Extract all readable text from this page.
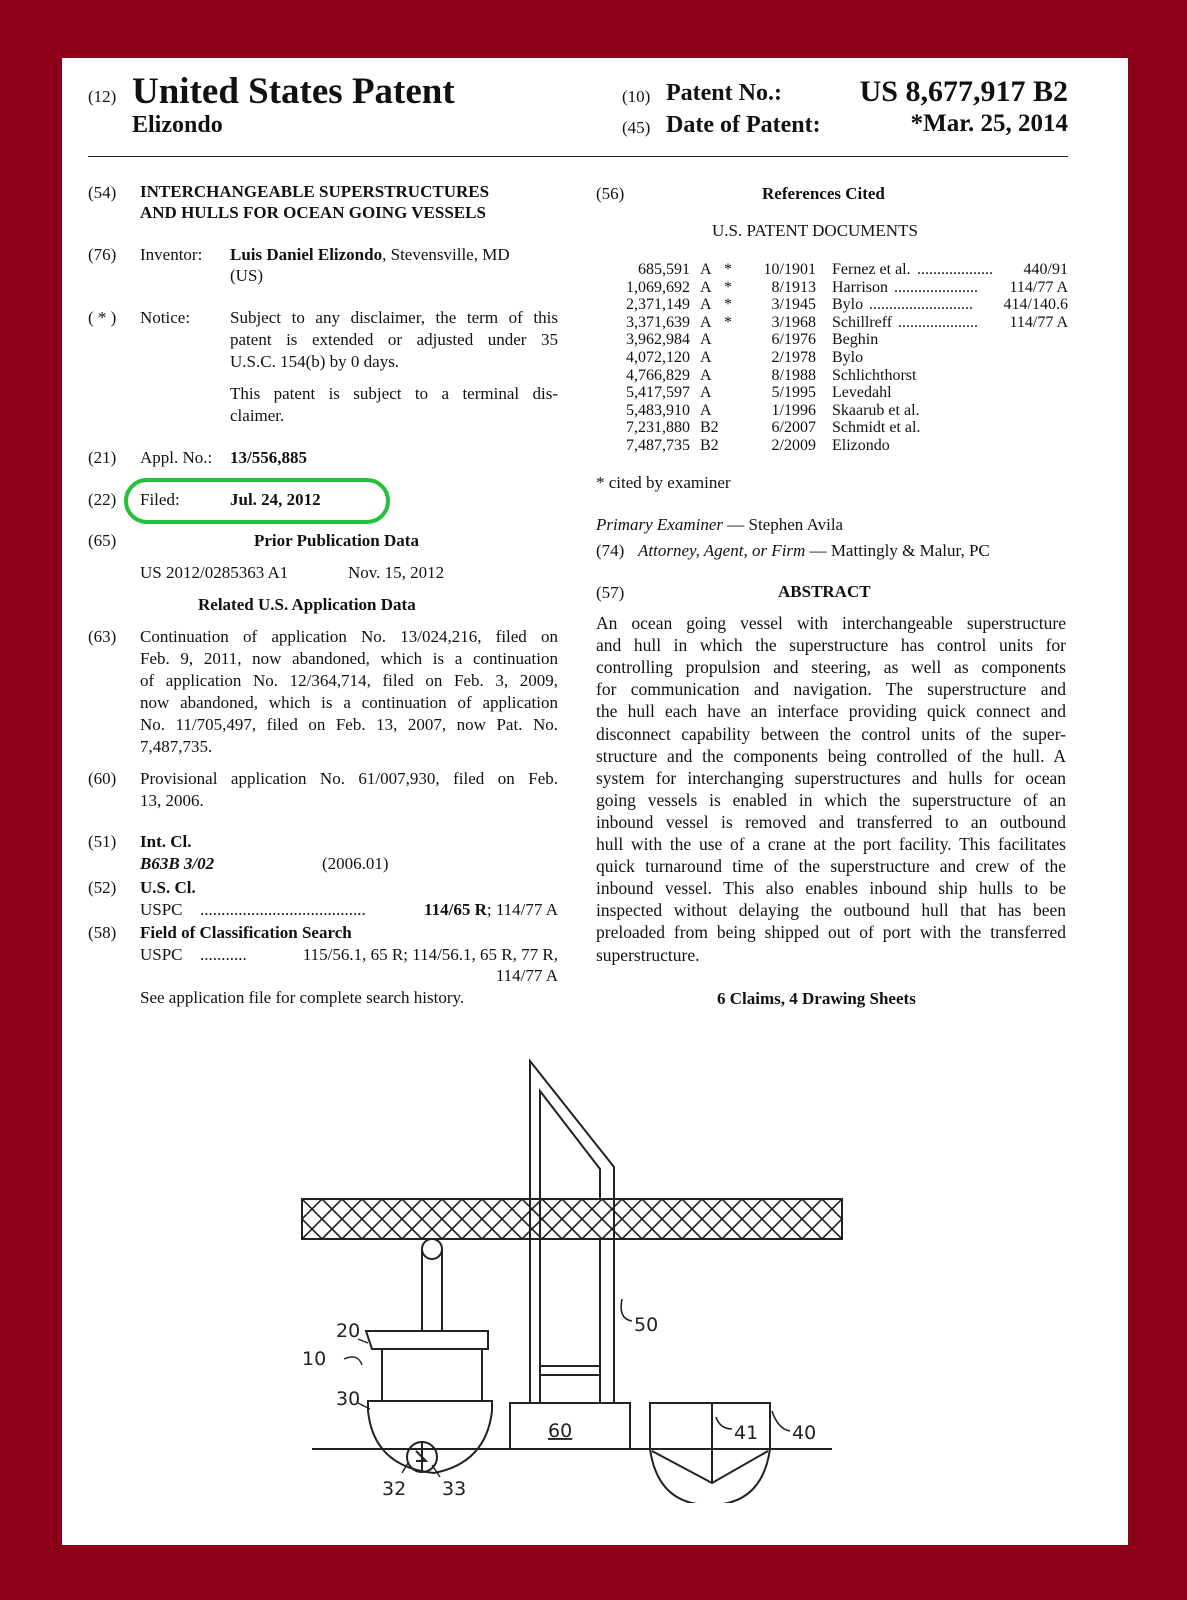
(12) United States Patent
Elizondo
(10) Patent No.:	US 8,677,917 B2
(45) Date of Patent:	*Mar. 25, 2014
(54) INTERCHANGEABLE SUPERSTRUCTURES
AND HULLS FOR OCEAN GOING VESSELS
(76) Inventor: Luis Daniel Elizondo, Stevensville, MD
(US)
( * ) Notice: Subject to any disclaimer, the term of this
patent is extended or adjusted under 35
U.S.C. 154(b) by 0 days.
This patent is subject to a terminal dis-
claimer.
(21) Appl. No.: 13/556,885
(22) Filed:	Jul. 24, 2012
(65)	Prior Publication Data
US 2012/0285363 A1	Nov. 15, 2012
Related U.S. Application Data
(63) Continuation of application No. 13/024,216, filed on
Feb. 9, 2011, now abandoned, which is a continuation
of application No. 12/364,714, filed on Feb. 3, 2009,
now abandoned, which is a continuation of application
No. 11/705,497, filed on Feb. 13, 2007, now Pat. No.
7,487,735.
(60) Provisional application No. 61/007,930, filed on Feb.
13, 2006.
(51) Int. Cl.
B63B 3/02	(2006.01)
(52) U.S. Cl.
USPC .......................................	114/65 R; 114/77 A
(58) Field of Classification Search
USPC ...........	115/56.1, 65 R; 114/56.1, 65 R, 77 R,
114/77 A
See application file for complete search history.
(56)	References Cited
U.S. PATENT DOCUMENTS
685,591 A *	10/1901 Fernez et al. ................... 440/91
1,069,692 A *	8/1913 Harrison ..................... 114/77 A
2,371,149 A *	3/1945 Bylo .......................... 414/140.6
3,371,639 A *	3/1968 Schillreff .................... 114/77 A
3,962,984 A	6/1976 Beghin
4,072,120 A	2/1978 Bylo
4,766,829 A	8/1988 Schlichthorst
5,417,597 A	5/1995 Levedahl
5,483,910 A	1/1996 Skaarub et al.
7,231,880 B2	6/2007 Schmidt et al.
7,487,735 B2	2/2009 Elizondo
* cited by examiner
Primary Examiner — Stephen Avila
(74) Attorney, Agent, or Firm — Mattingly & Malur, PC
(57)	ABSTRACT
An ocean going vessel with interchangeable superstructure
and hull in which the superstructure has control units for
controlling propulsion and steering, as well as components
for communication and navigation. The superstructure and
the hull each have an interface providing quick connect and
disconnect capability between the control units of the super-
structure and the components being controlled of the hull. A
system for interchanging superstructures and hulls for ocean
going vessels is enabled in which the superstructure of an
inbound vessel is removed and transferred to an outbound
hull with the use of a crane at the port facility. This facilitates
quick turnaround time of the superstructure and crew of the
inbound vessel. This also enables inbound ship hulls to be
inspected without delaying the outbound hull that has been
preloaded from being shipped out of port with the transferred
superstructure.
6 Claims, 4 Drawing Sheets
10
20
30
32 33
50
60	41 40
